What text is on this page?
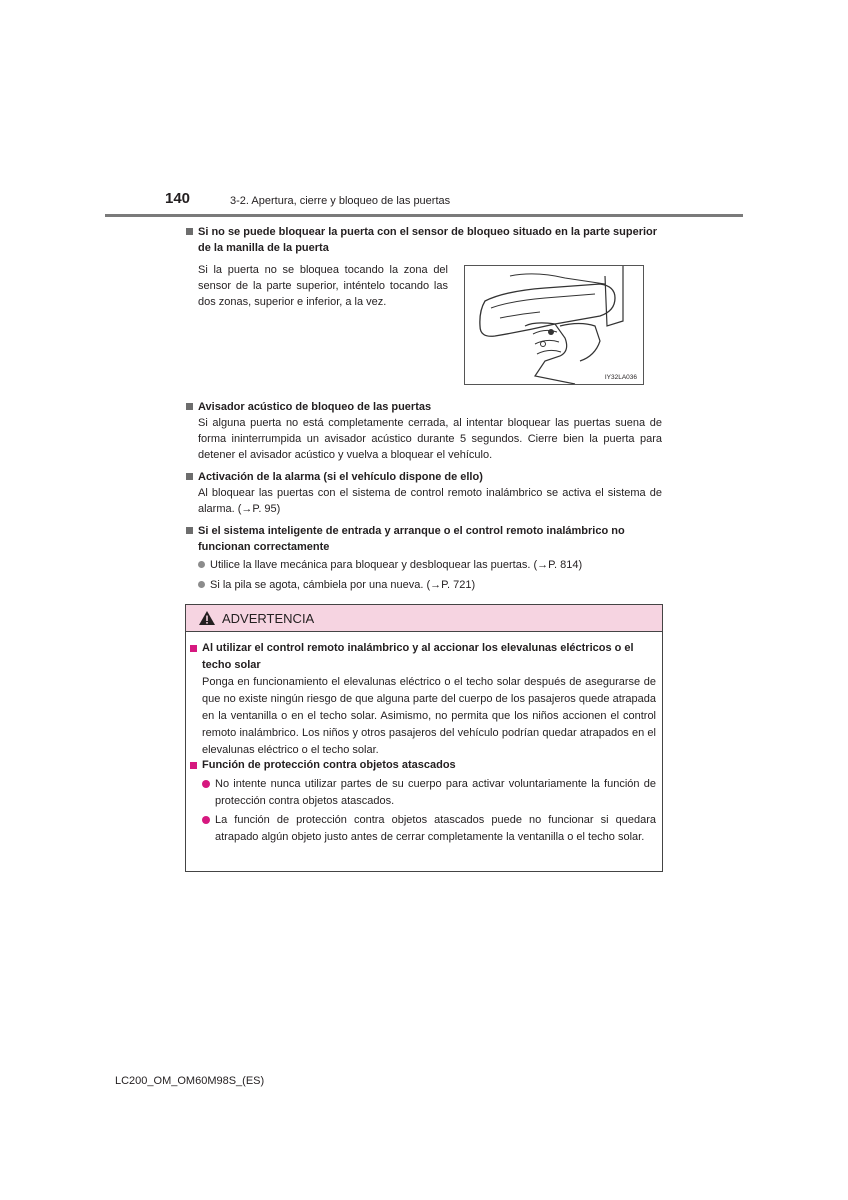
140	3-2. Apertura, cierre y bloqueo de las puertas
Si no se puede bloquear la puerta con el sensor de bloqueo situado en la parte superior de la manilla de la puerta
Si la puerta no se bloquea tocando la zona del sensor de la parte superior, inténtelo tocando las dos zonas, superior e inferior, a la vez.
IY32LA036
Avisador acústico de bloqueo de las puertas
Si alguna puerta no está completamente cerrada, al intentar bloquear las puertas suena de forma ininterrumpida un avisador acústico durante 5 segundos. Cierre bien la puerta para detener el avisador acústico y vuelva a bloquear el vehículo.
Activación de la alarma (si el vehículo dispone de ello)
Al bloquear las puertas con el sistema de control remoto inalámbrico se activa el sistema de alarma. (→P. 95)
Si el sistema inteligente de entrada y arranque o el control remoto inalámbrico no funcionan correctamente
Utilice la llave mecánica para bloquear y desbloquear las puertas. (→P. 814)
Si la pila se agota, cámbiela por una nueva. (→P. 721)
ADVERTENCIA
Al utilizar el control remoto inalámbrico y al accionar los elevalunas eléctricos o el techo solar
Ponga en funcionamiento el elevalunas eléctrico o el techo solar después de asegurarse de que no existe ningún riesgo de que alguna parte del cuerpo de los pasajeros quede atrapada en la ventanilla o en el techo solar. Asimismo, no permita que los niños accionen el control remoto inalámbrico. Los niños y otros pasajeros del vehículo podrían quedar atrapados en el elevalunas eléctrico o el techo solar.
Función de protección contra objetos atascados
No intente nunca utilizar partes de su cuerpo para activar voluntariamente la función de protección contra objetos atascados.
La función de protección contra objetos atascados puede no funcionar si quedara atrapado algún objeto justo antes de cerrar completamente la ventanilla o el techo solar.
LC200_OM_OM60M98S_(ES)
